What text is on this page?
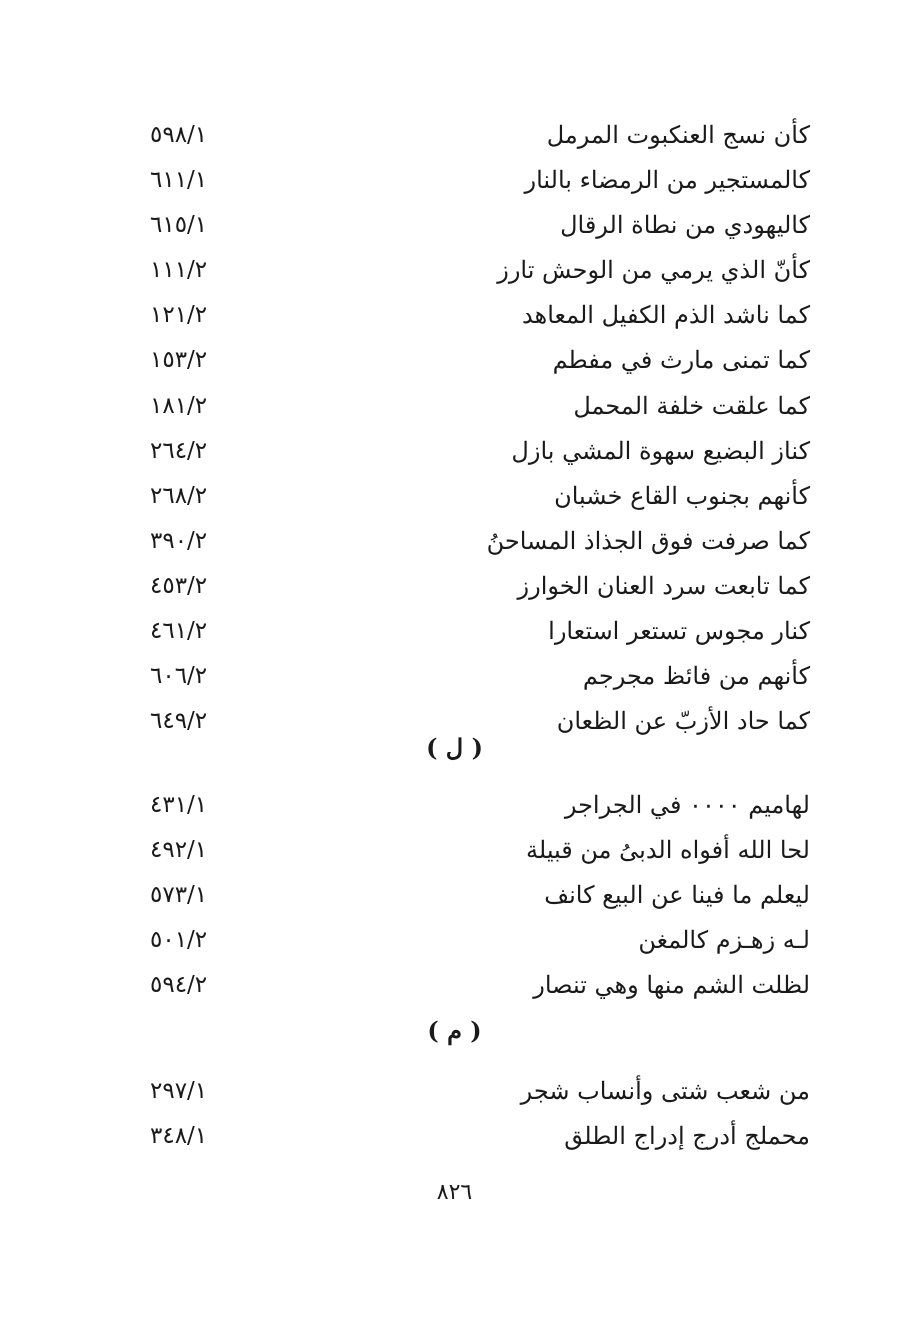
كأن نسج العنكبوت المرمل
٥٩٨/١
كالمستجير من الرمضاء بالنار
٦١١/١
كاليهودي من نطاة الرقال
٦١٥/١
كأنّ الذي يرمي من الوحش تارز
١١١/٢
كما ناشد الذم الكفيل المعاهد
١٢١/٢
كما تمنى مارث في مفطم
١٥٣/٢
كما علقت خلفة المحمل
١٨١/٢
كناز البضيع سهوة المشي بازل
٢٦٤/٢
كأنهم بجنوب القاع خشبان
٢٦٨/٢
كما صرفت فوق الجذاذ المساحنُ
٣٩٠/٢
كما تابعت سرد العنان الخوارز
٤٥٣/٢
كنار مجوس تستعر استعارا
٤٦١/٢
كأنهم من فائظ مجرجم
٦٠٦/٢
كما حاد الأزبّ عن الظعان
٦٤٩/٢
( ل )
لهاميم ٠٠٠٠ في الجراجر
٤٣١/١
لحا الله أفواه الدبىُ من قبيلة
٤٩٢/١
ليعلم ما فينا عن البيع كانف
٥٧٣/١
لـه زهـزم كالمغن
٥٠١/٢
لظلت الشم منها وهي تنصار
٥٩٤/٢
( م )
من شعب شتى وأنساب شجر
٢٩٧/١
محملج أدرج إدراج الطلق
٣٤٨/١
٨٢٦
